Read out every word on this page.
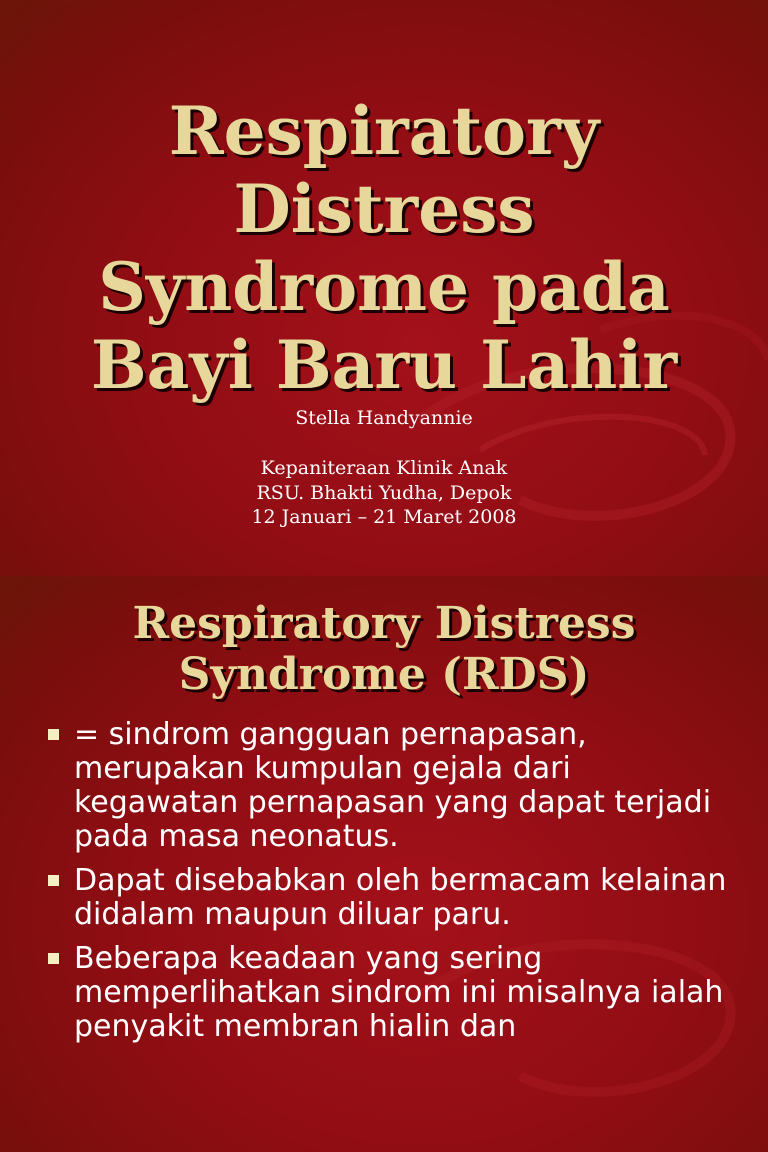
Respiratory
Distress
Syndrome pada
Bayi Baru Lahir
Stella Handyannie
Kepaniteraan Klinik Anak
RSU. Bhakti Yudha, Depok
12 Januari – 21 Maret 2008
Respiratory Distress
Syndrome (RDS)
= sindrom gangguan pernapasan, merupakan kumpulan gejala dari kegawatan pernapasan yang dapat terjadi pada masa neonatus.
Dapat disebabkan oleh bermacam kelainan didalam maupun diluar paru.
Beberapa keadaan yang sering memperlihatkan sindrom ini misalnya ialah penyakit membran hialin dan
